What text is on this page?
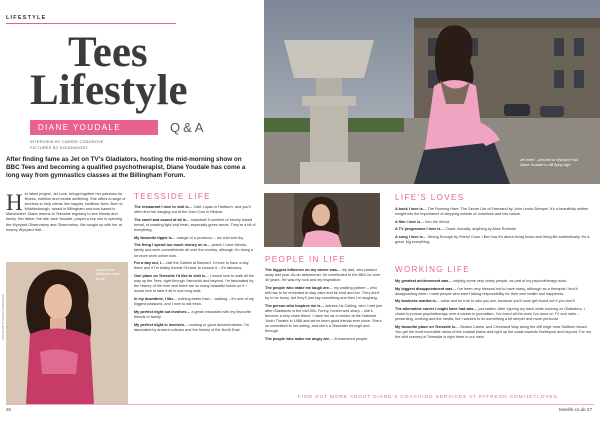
LIFESTYLE
Tees
Lifestyle
DIANE YOUDALE	Q&A
INTERVIEW BY CARRIE COSGROVE
PICTURES BY DOUGMOODY
After finding fame as Jet on TV's Gladiators, hosting the mid-morning show on BBC Tees and becoming a qualified psychotherapist, Diane Youdale has come a long way from gymnastics classes at the Billingham Forum.
Jet loved – pictured at Wynyard Hall. Diane Youdale is still flying high.
H er latest project, Jet Love, brings together her passions for fitness, nutrition and mental wellbeing. She offers a range of services to help clients live happier, healthier lives. Born in Middlesbrough, raised in Billingham and now based in Manchester, Diane returns to Teesside regularly to see friends and family. Her father, the late Jack Youdale, played a key role in opening the Wynyard Observatory and Observatory. We caught up with her at nearby Wynyard Hall…
Diane in her Gladiators days as Jet
PHOTO BY ITV/SHUTTERSTOCK
TEESSIDE LIFE

The restaurant I love to visit is… Café Lupas in Hartburn, and you'll often find me hanging out at the Dom Cow in Redcar.

The smell and sound of all is… industrial! It smelled of freshly baked bread, of roasting light and fresh, especially green areas. They're a bit of everything.

My favourite tipple is… orange or a prosecco – ice cold and dry.

The thing I spend too much money on is… petrol! I have friends, family and work commitments all over the country, although I'm doing a lot more work online now.

For a day out, I… visit the Gables at Barnard. I'd love to have a day there and if I'm totally honest I'd have to choose it – it's fabulous.

One place on Teesside I'd like to visit is… I would love to walk all the way up the Tees, right through Yarmouth and beyond. I'm fascinated by the history of the river and there are so many beautiful towns on it. I would love to take it all in one long walk.

In my downtime, I like… nothing better than… walking – it's one of my biggest passions, and I love to eat fresh.

My perfect night out involves… a great restaurant with my favourite friends or family.

My perfect night in involves… cooking or good documentaries. I'm fascinated by ancient cultures and the history of the North East.

PEOPLE IN LIFE

The biggest influence on my career was… my dad, who passed away last year. As an astronomer, he contributed to the BBC for over 40 years. He was my rock and my inspiration.

The people who make me laugh are… my walking partner – who still has to be reminded to stay calm and be kind and fun. They don't try to be funny, but they'll just say something and then I'm laughing.

The person who inspires me is… actress Liz Catling, who I met just after Gladiators in the mid-90s. Funny, honest and sharp – she's become a very close friend. I have her as a mentor at the National Youth Theatre in 1988 and we've been good friends ever since. She's so committed to her acting, and she's a Teessider through and through.

The people who make me angry are… ill-mannered people.

LIFE'S LOVES

A book I love is… The Running Hare: The Secret Life of Farmland by John Lewis-Stempel. It's a beautifully written insight into the importance of stepping outside of ourselves and into nature.

A film I love is… Into the Wood.

A TV programme I love is… Coast. Actually, anything by Alice Roberts!

A song I love is… Strong Enough by Sheryl Crow. I like how it's about being brave and living life authentically. It's a great, big everything.

WORKING LIFE

My greatest achievement was… helping some very lovely people, as part of my psychotherapy work.

My biggest disappointment was… I've been very blessed not to have many, although as a therapist I find it disappointing when I meet people who aren't taking responsibility for their own health and happiness.

My business mantra is… value and be true to who you are, because you'll soon get found out if you don't!

The alternative career I might have had was… journalism. After injuring my back while working on Gladiators, I chose to pursue psychotherapy over a career in journalism. I've loved all the work I've done on TV and radio – presenting, working and the media, but I wanted to do something a bit deeper and more personal.

My favourite place on Teesside is… Seaton Carew, and Cleveland Way along the cliff edge near Saltburn beach. You get the most incredible views of the coastal plains and right up the coast towards Hartlepool and beyond. For me, the wild scenery of Teesside is right there in our view.

FIND OUT MORE ABOUT DIANE'S COACHING SERVICES AT PATREON.COM/JETLOVES.
26	teeslife.co.uk 27
